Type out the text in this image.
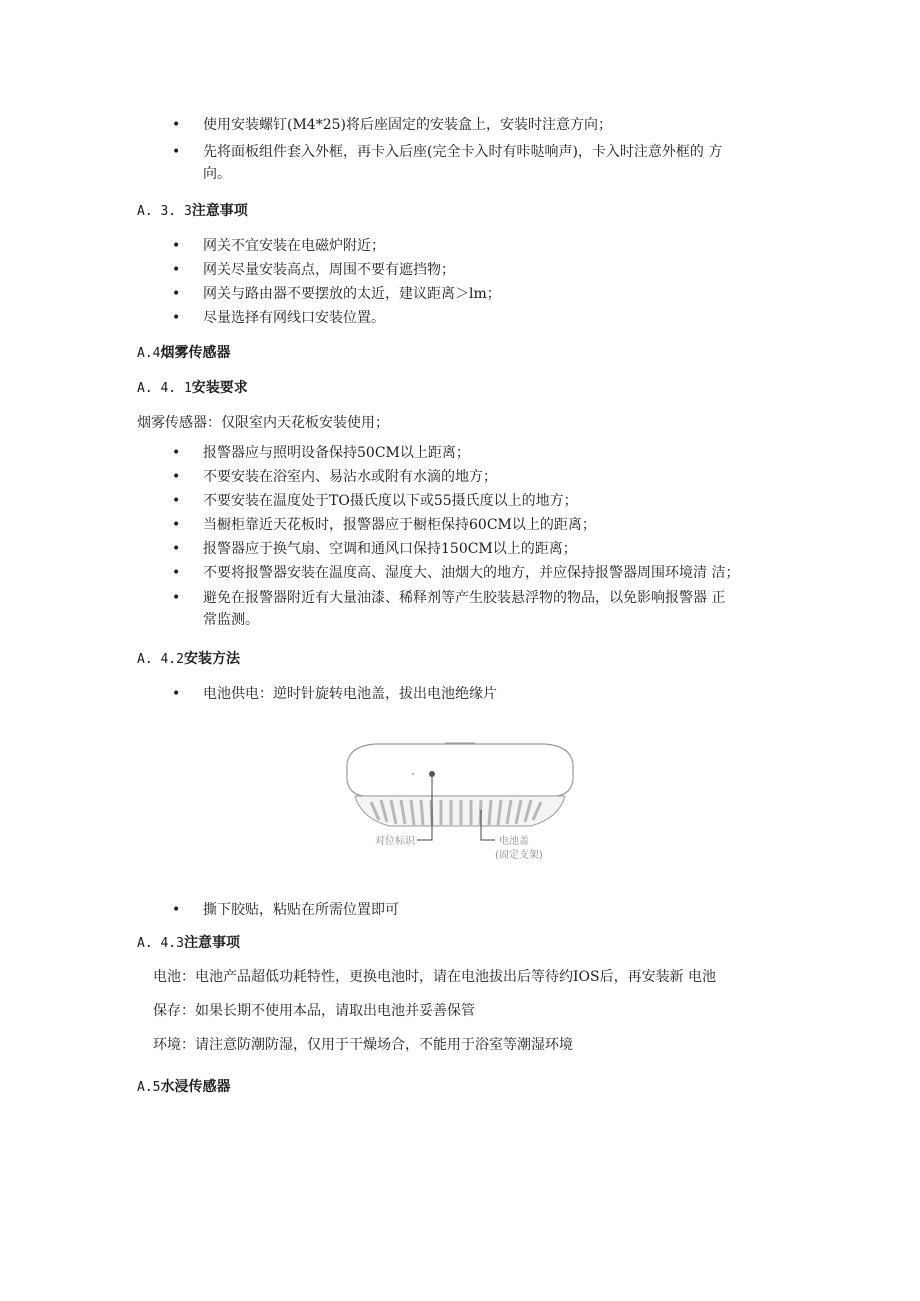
• 使用安装螺钉(M4*25)将后座固定的安装盒上，安装时注意方向；
• 先将面板组件套入外框，再卡入后座(完全卡入时有咔哒响声)，卡入时注意外框的 方
向。
A. 3. 3注意事项
• 网关不宜安装在电磁炉附近；
• 网关尽量安装高点，周围不要有遮挡物；
• 网关与路由器不要摆放的太近，建议距离＞lm；
• 尽量选择有网线口安装位置。
A.4烟雾传感器
A. 4. 1安装要求
烟雾传感器：仅限室内天花板安装使用；
• 报警器应与照明设备保持50CM以上距离；
• 不要安装在浴室内、易沾水或附有水滴的地方；
• 不要安装在温度处于TO摄氏度以下或55摄氏度以上的地方；
• 当橱柜靠近天花板时，报警器应于橱柜保持60CM以上的距离；
• 报警器应于换气扇、空调和通风口保持150CM以上的距离；
• 不要将报警器安装在温度高、湿度大、油烟大的地方，并应保持报警器周围环境清 洁；
• 避免在报警器附近有大量油漆、稀释剂等产生胶装悬浮物的物品，以免影响报警器 正
常监测。
A. 4.2安装方法
• 电池供电：逆时针旋转电池盖，拔出电池绝缘片
对位标识	电池盖
(固定支架)
• 撕下胶贴，粘贴在所需位置即可
A. 4.3注意事项
电池：电池产品超低功耗特性，更换电池时，请在电池拔出后等待约IOS后，再安装新 电池
保存：如果长期不使用本品，请取出电池并妥善保管
环境：请注意防潮防湿，仅用于干燥场合，不能用于浴室等潮湿环境
A.5水浸传感器
